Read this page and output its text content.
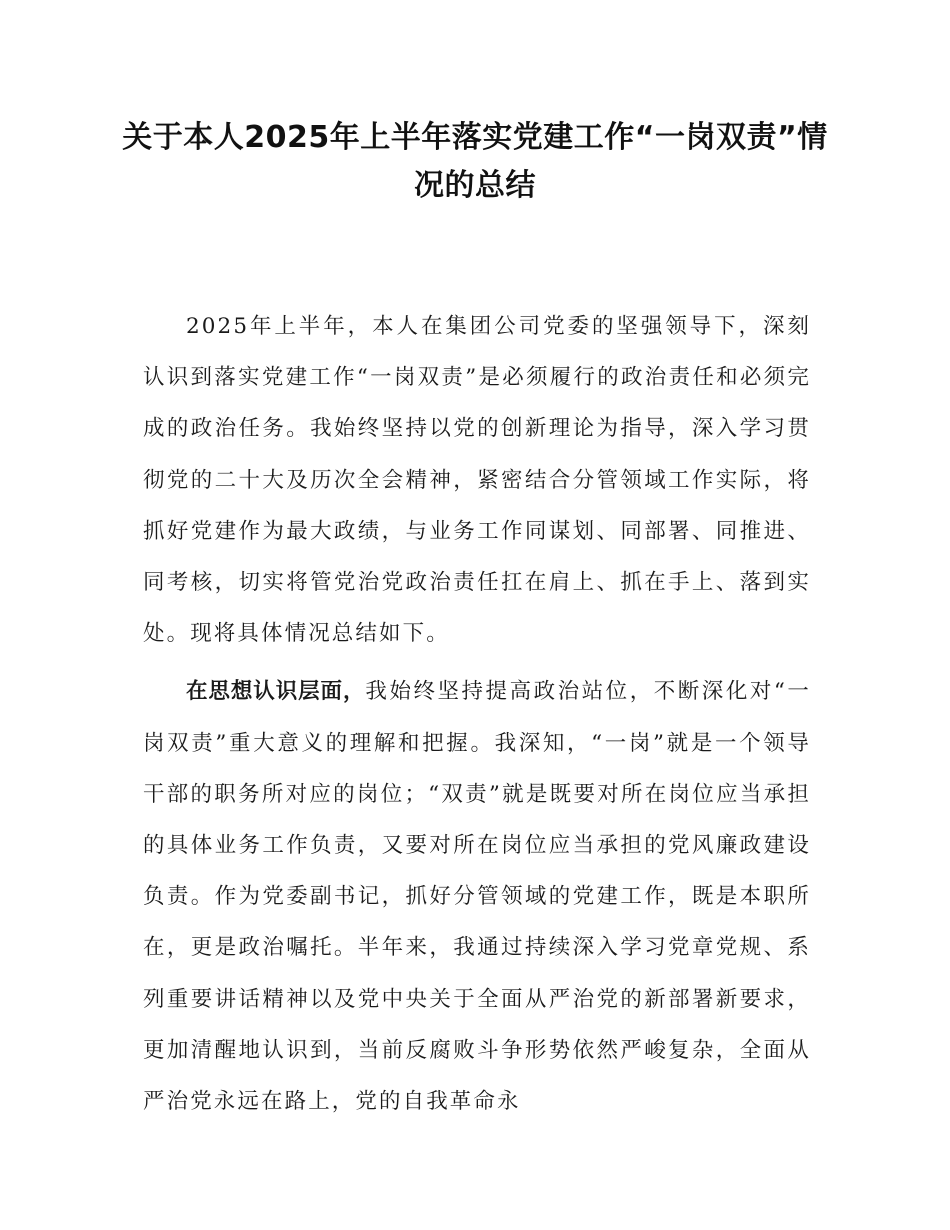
关于本人2025年上半年落实党建工作“一岗双责”情况的总结

2025年上半年，本人在集团公司党委的坚强领导下，深刻认识到落实党建工作“一岗双责”是必须履行的政治责任和必须完成的政治任务。我始终坚持以党的创新理论为指导，深入学习贯彻党的二十大及历次全会精神，紧密结合分管领域工作实际，将抓好党建作为最大政绩，与业务工作同谋划、同部署、同推进、同考核，切实将管党治党政治责任扛在肩上、抓在手上、落到实处。现将具体情况总结如下。

在思想认识层面，我始终坚持提高政治站位，不断深化对“一岗双责”重大意义的理解和把握。我深知，“一岗”就是一个领导干部的职务所对应的岗位；“双责”就是既要对所在岗位应当承担的具体业务工作负责，又要对所在岗位应当承担的党风廉政建设负责。作为党委副书记，抓好分管领域的党建工作，既是本职所在，更是政治嘱托。半年来，我通过持续深入学习党章党规、系列重要讲话精神以及党中央关于全面从严治党的新部署新要求，更加清醒地认识到，当前反腐败斗争形势依然严峻复杂，全面从严治党永远在路上，党的自我革命永
